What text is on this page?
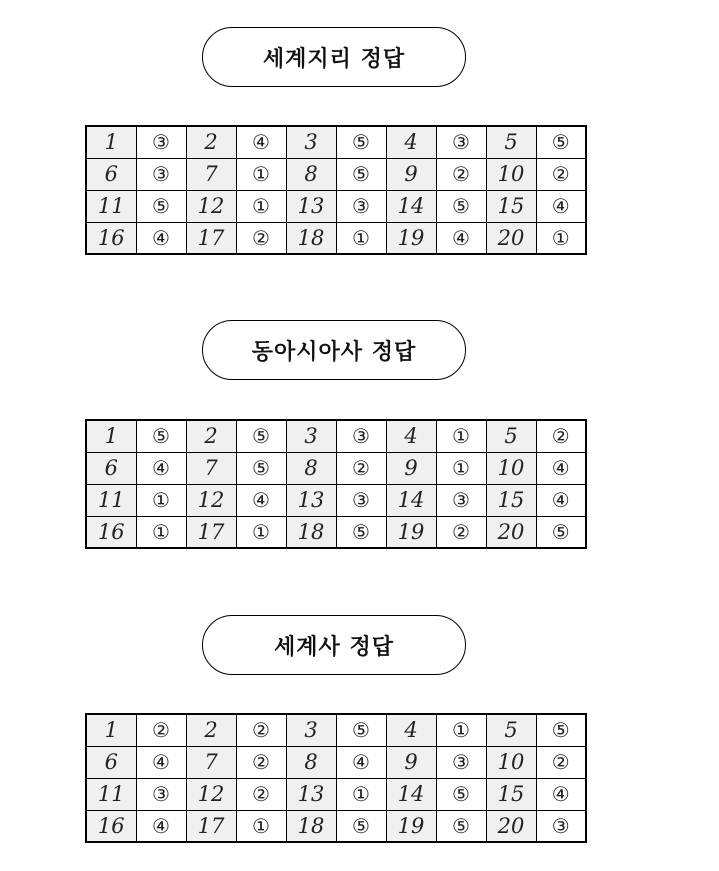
세계지리 정답
1	③	2	④	3	⑤	4	③	5	⑤
6	③	7	①	8	⑤	9	②	10	②
11	⑤	12	①	13	③	14	⑤	15	④
16	④	17	②	18	①	19	④	20	①
동아시아사 정답
1	⑤	2	⑤	3	③	4	①	5	②
6	④	7	⑤	8	②	9	①	10	④
11	①	12	④	13	③	14	③	15	④
16	①	17	①	18	⑤	19	②	20	⑤
세계사 정답
1	②	2	②	3	⑤	4	①	5	⑤
6	④	7	②	8	④	9	③	10	②
11	③	12	②	13	①	14	⑤	15	④
16	④	17	①	18	⑤	19	⑤	20	③
